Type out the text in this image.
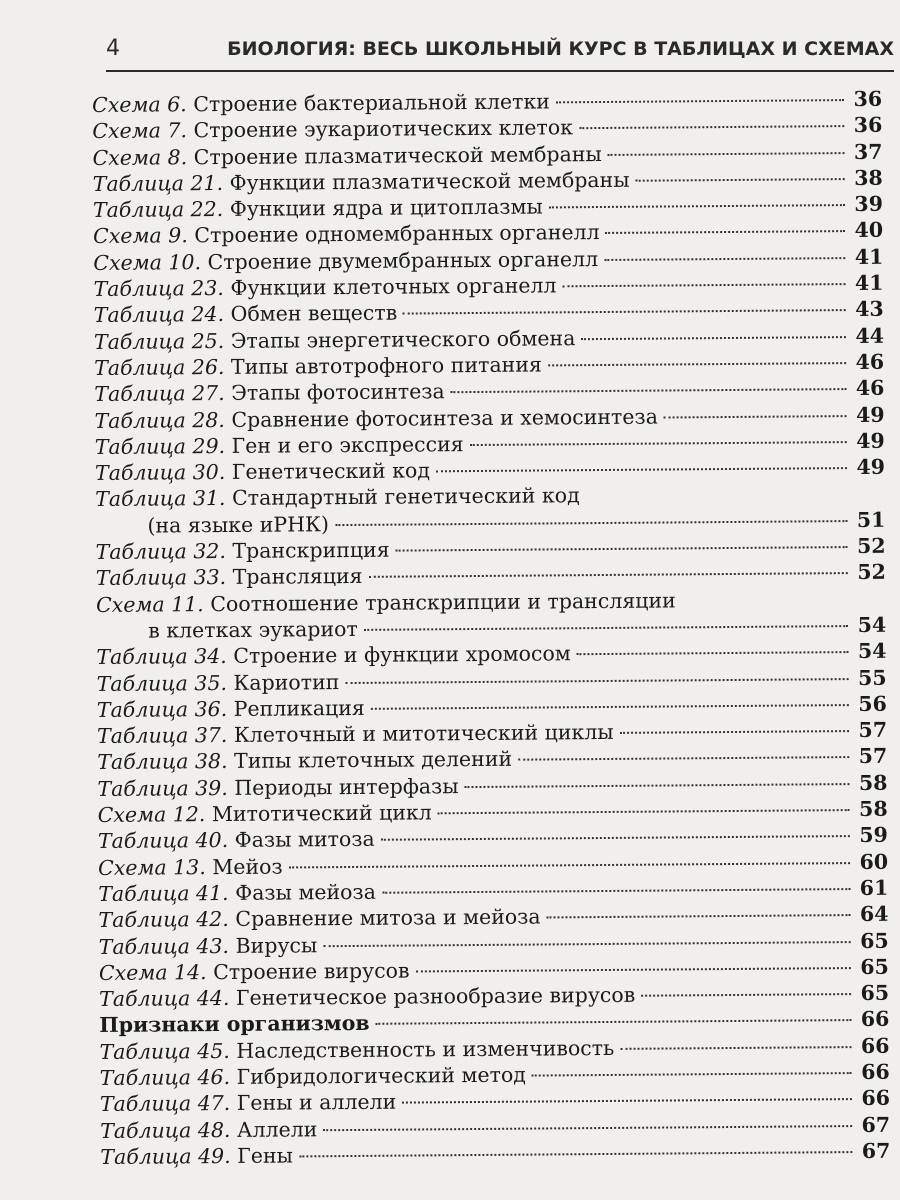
4	БИОЛОГИЯ: ВЕСЬ ШКОЛЬНЫЙ КУРС В ТАБЛИЦАХ И СХЕМАХ
Схема 6. Строение бактериальной клетки	36
Схема 7. Строение эукариотических клеток	36
Схема 8. Строение плазматической мембраны	37
Таблица 21. Функции плазматической мембраны	38
Таблица 22. Функции ядра и цитоплазмы	39
Схема 9. Строение одномембранных органелл	40
Схема 10. Строение двумембранных органелл	41
Таблица 23. Функции клеточных органелл	41
Таблица 24. Обмен веществ	43
Таблица 25. Этапы энергетического обмена	44
Таблица 26. Типы автотрофного питания	46
Таблица 27. Этапы фотосинтеза	46
Таблица 28. Сравнение фотосинтеза и хемосинтеза	49
Таблица 29. Ген и его экспрессия	49
Таблица 30. Генетический код	49
Таблица 31. Стандартный генетический код
(на языке иРНК)	51
Таблица 32. Транскрипция	52
Таблица 33. Трансляция	52
Схема 11. Соотношение транскрипции и трансляции
в клетках эукариот	54
Таблица 34. Строение и функции хромосом	54
Таблица 35. Кариотип	55
Таблица 36. Репликация	56
Таблица 37. Клеточный и митотический циклы	57
Таблица 38. Типы клеточных делений	57
Таблица 39. Периоды интерфазы	58
Схема 12. Митотический цикл	58
Таблица 40. Фазы митоза	59
Схема 13. Мейоз	60
Таблица 41. Фазы мейоза	61
Таблица 42. Сравнение митоза и мейоза	64
Таблица 43. Вирусы	65
Схема 14. Строение вирусов	65
Таблица 44. Генетическое разнообразие вирусов	65
Признаки организмов	66
Таблица 45. Наследственность и изменчивость	66
Таблица 46. Гибридологический метод	66
Таблица 47. Гены и аллели	66
Таблица 48. Аллели	67
Таблица 49. Гены	67
